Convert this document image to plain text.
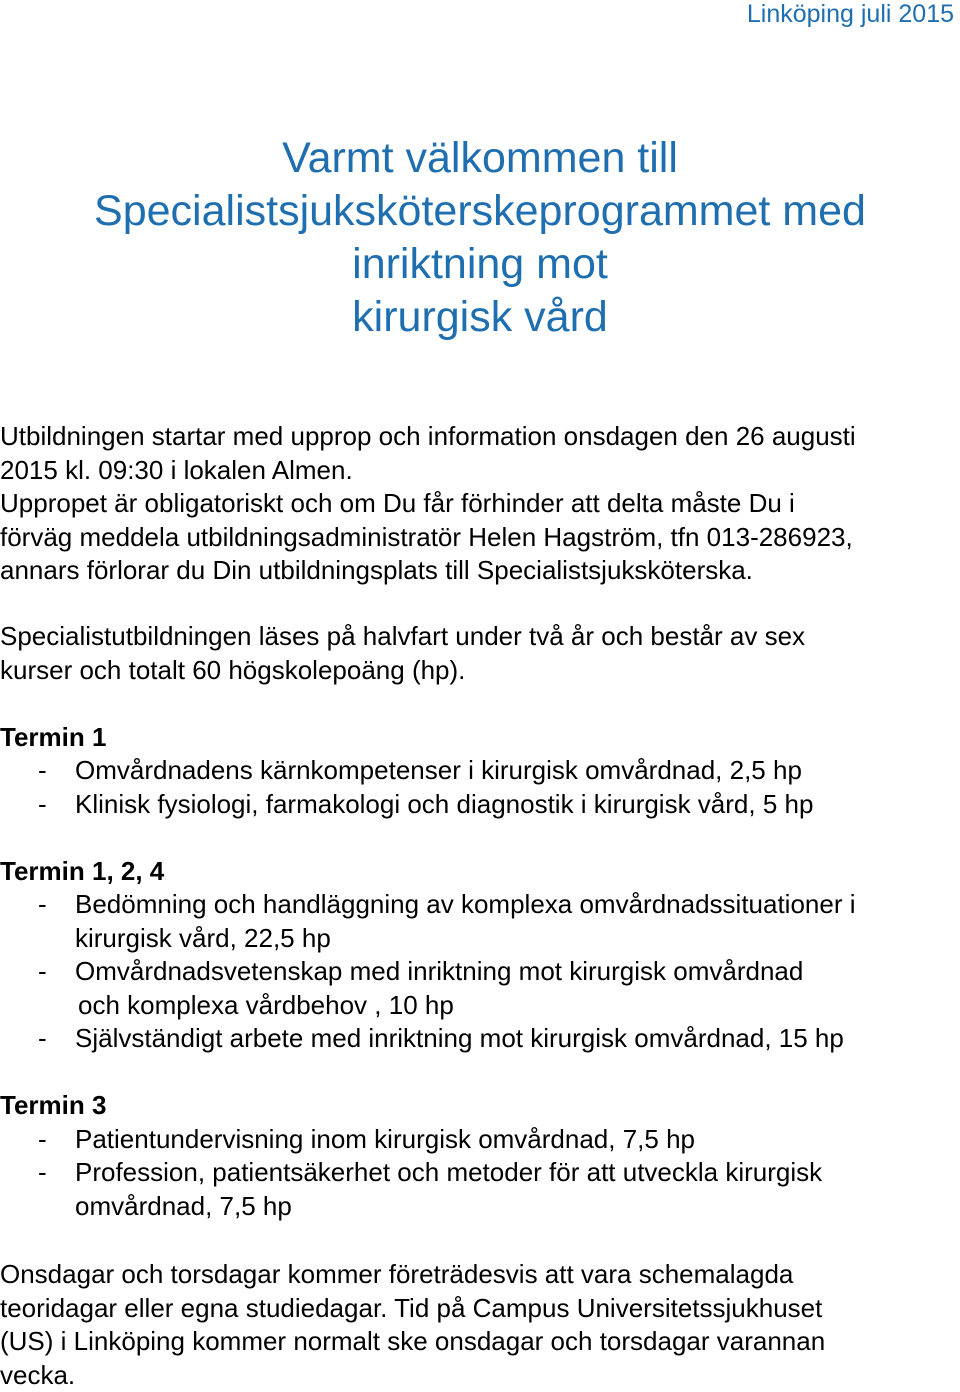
Linköping juli 2015
Varmt välkommen till
Specialistsjuksköterskeprogrammet med
inriktning mot
kirurgisk vård
Utbildningen startar med upprop och information onsdagen den 26 augusti
2015 kl. 09:30 i lokalen Almen.
Uppropet är obligatoriskt och om Du får förhinder att delta måste Du i
förväg meddela utbildningsadministratör Helen Hagström, tfn 013-286923,
annars förlorar du Din utbildningsplats till Specialistsjuksköterska.
Specialistutbildningen läses på halvfart under två år och består av sex
kurser och totalt 60 högskolepoäng (hp).
Termin 1
-	Omvårdnadens kärnkompetenser i kirurgisk omvårdnad, 2,5 hp
-	Klinisk fysiologi, farmakologi och diagnostik i kirurgisk vård, 5 hp
Termin 1, 2, 4
-	Bedömning och handläggning av komplexa omvårdnadssituationer i
kirurgisk vård, 22,5 hp
-	Omvårdnadsvetenskap med inriktning mot kirurgisk omvårdnad
och komplexa vårdbehov , 10 hp
-	Självständigt arbete med inriktning mot kirurgisk omvårdnad, 15 hp
Termin 3
-	Patientundervisning inom kirurgisk omvårdnad, 7,5 hp
-	Profession, patientsäkerhet och metoder för att utveckla kirurgisk
omvårdnad, 7,5 hp
Onsdagar och torsdagar kommer företrädesvis att vara schemalagda
teoridagar eller egna studiedagar. Tid på Campus Universitetssjukhuset
(US) i Linköping kommer normalt ske onsdagar och torsdagar varannan
vecka.
